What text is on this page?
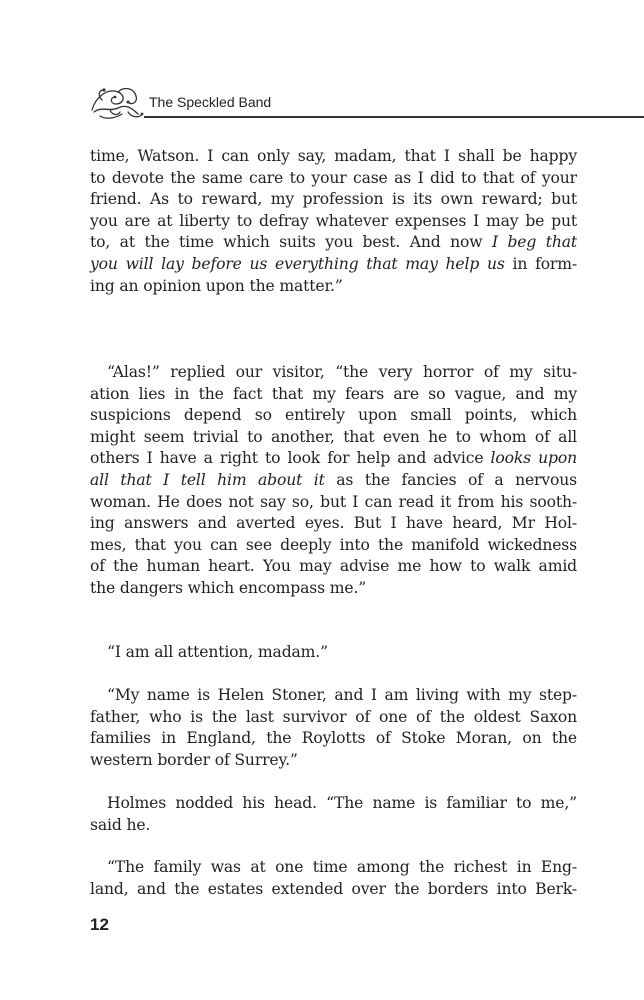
The Speckled Band
time, Watson. I can only say, madam, that I shall be happy
to devote the same care to your case as I did to that of your
friend. As to reward, my profession is its own reward; but
you are at liberty to defray whatever expenses I may be put
to, at the time which suits you best. And now I beg that
you will lay before us everything that may help us in form-
ing an opinion upon the matter.”
“Alas!” replied our visitor, “the very horror of my situ-
ation lies in the fact that my fears are so vague, and my
suspicions depend so entirely upon small points, which
might seem trivial to another, that even he to whom of all
others I have a right to look for help and advice looks upon
all that I tell him about it as the fancies of a nervous
woman. He does not say so, but I can read it from his sooth-
ing answers and averted eyes. But I have heard, Mr Hol-
mes, that you can see deeply into the manifold wickedness
of the human heart. You may advise me how to walk amid
the dangers which encompass me.”
“I am all attention, madam.”
“My name is Helen Stoner, and I am living with my step-
father, who is the last survivor of one of the oldest Saxon
families in England, the Roylotts of Stoke Moran, on the
western border of Surrey.”
Holmes nodded his head. “The name is familiar to me,”
said he.
“The family was at one time among the richest in Eng-
land, and the estates extended over the borders into Berk-
12
